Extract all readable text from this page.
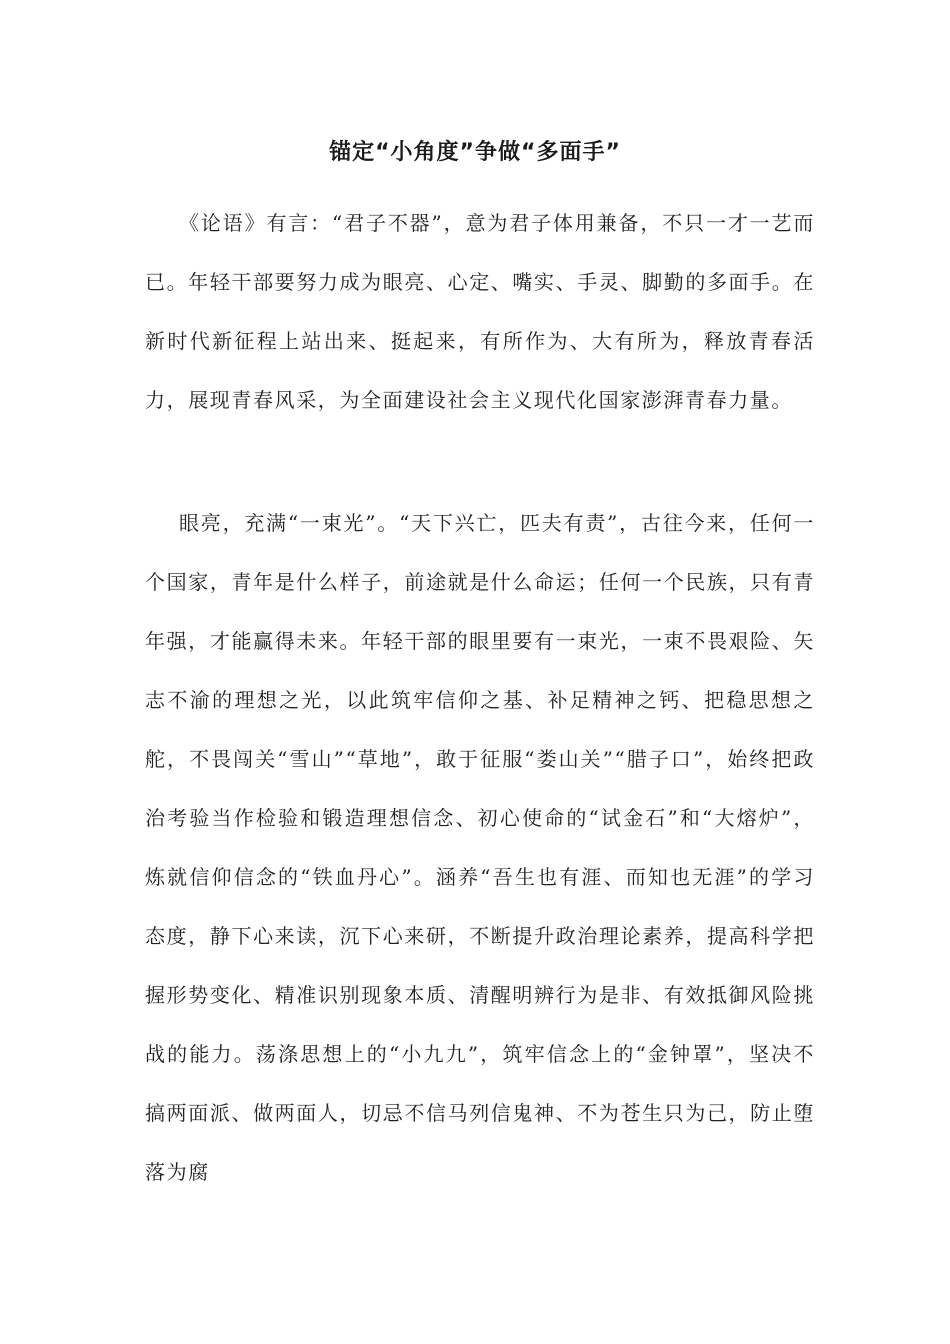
锚定“小角度”争做“多面手”

《论语》有言：“君子不器”，意为君子体用兼备，不只一才一艺而已。年轻干部要努力成为眼亮、心定、嘴实、手灵、脚勤的多面手。在新时代新征程上站出来、挺起来，有所作为、大有所为，释放青春活力，展现青春风采，为全面建设社会主义现代化国家澎湃青春力量。

眼亮，充满“一束光”。“天下兴亡，匹夫有责”，古往今来，任何一个国家，青年是什么样子，前途就是什么命运；任何一个民族，只有青年强，才能赢得未来。年轻干部的眼里要有一束光，一束不畏艰险、矢志不渝的理想之光，以此筑牢信仰之基、补足精神之钙、把稳思想之舵，不畏闯关“雪山”“草地”，敢于征服“娄山关”“腊子口”，始终把政治考验当作检验和锻造理想信念、初心使命的“试金石”和“大熔炉”，炼就信仰信念的“铁血丹心”。涵养“吾生也有涯、而知也无涯”的学习态度，静下心来读，沉下心来研，不断提升政治理论素养，提高科学把握形势变化、精准识别现象本质、清醒明辨行为是非、有效抵御风险挑战的能力。荡涤思想上的“小九九”，筑牢信念上的“金钟罩”，坚决不搞两面派、做两面人，切忌不信马列信鬼神、不为苍生只为己，防止堕落为腐
